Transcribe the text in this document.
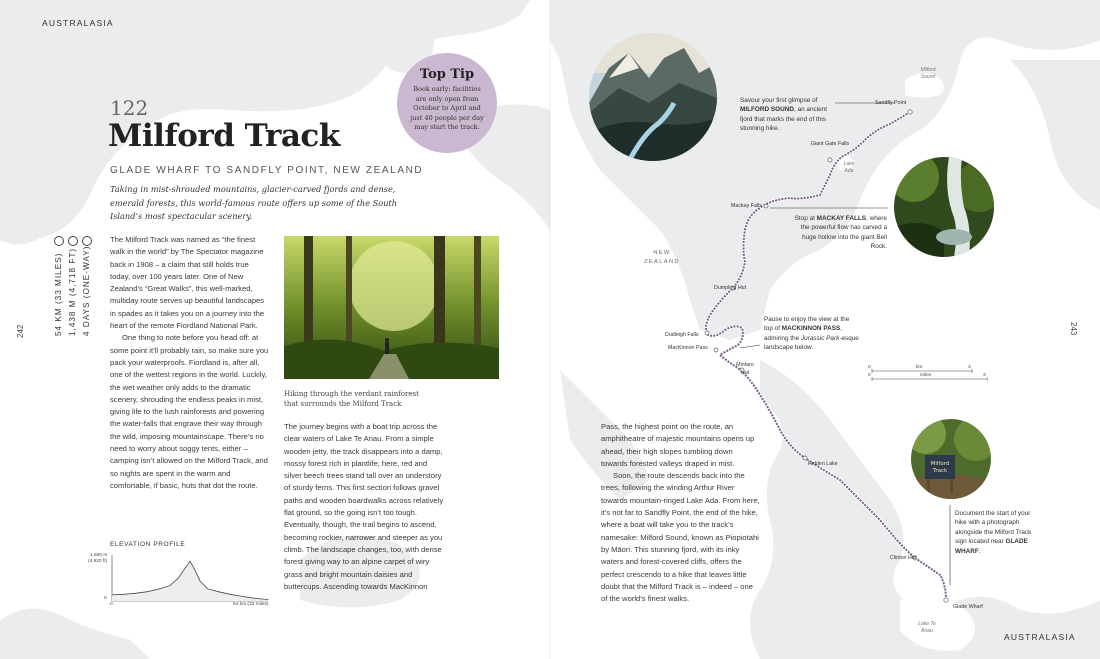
AUSTRALASIA
242
122
Milford Track
GLADE WHARF TO SANDFLY POINT, NEW ZEALAND
Taking in mist-shrouded mountains, glacier-carved fjords and dense, emerald forests, this world-famous route offers up some of the South Island’s most spectacular scenery.
Top Tip
Book early: facilities are only open from October to April and just 40 people per day may start the track.
54 KM (33 MILES) 1,438 M (4,718 FT) 4 DAYS (ONE-WAY)

The Milford Track was named as “the finest walk in the world” by The Spectator magazine back in 1908 – a claim that still holds true today, over 100 years later. One of New Zealand’s “Great Walks”, this well-marked, multiday route serves up beautiful landscapes in spades as it takes you on a journey into the heart of the remote Fiordland National Park.

One thing to note before you head off: at some point it’ll probably rain, so make sure you pack your waterproofs. Fiordland is, after all, one of the wettest regions in the world. Luckily, the wet weather only adds to the dramatic scenery, shrouding the endless peaks in mist, giving life to the lush rainforests and powering the water-falls that engrave their way through the wild, imposing mountainscape. There’s no need to worry about soggy tents, either – camping isn’t allowed on the Milford Track, and so nights are spent in the warm and comfortable, if basic, huts that dot the route.

Hiking through the verdant rainforest that surrounds the Milford Track

The journey begins with a boat trip across the clear waters of Lake Te Anau. From a simple wooden jetty, the track disappears into a damp, mossy forest rich in plantlife; here, red and silver beech trees stand tall over an understory of sturdy ferns. This first section follows gravel paths and wooden boardwalks across relatively flat ground, so the going isn’t too tough. Eventually, though, the trail begins to ascend, becoming rockier, narrower and steeper as you climb. The landscape changes, too, with dense forest giving way to an alpine carpet of wiry grass and bright mountain daisies and buttercups. Ascending towards MacKinnon

ELEVATION PROFILE
1,500 m
(4,920 ft)
0
0	54 km (33 miles)
AUSTRALASIA
243

Pass, the highest point on the route, an amphitheatre of majestic mountains opens up ahead, their high slopes tumbling down towards forested valleys draped in mist.

Soon, the route descends back into the trees, following the winding Arthur River towards mountain-ringed Lake Ada. From here, it’s not far to Sandfly Point, the end of the hike, where a boat will take you to the track’s namesake: Milford Sound, known as Piopiotahi by Māori. This stunning fjord, with its inky waters and forest-covered cliffs, offers the perfect crescendo to a hike that leaves little doubt that the Milford Track is – indeed – one of the world’s finest walks.

Savour your first glimpse of MILFORD SOUND, an ancient fjord that marks the end of this stunning hike.
Stop at MACKAY FALLS, where the powerful flow has carved a huge hollow into the giant Bell Rock.
Pause to enjoy the view at the top of MACKINNON PASS, admiring the Jurassic Park-esque landscape below.
Milford
Track
Document the start of your hike with a photograph alongside the Milford Track sign located near GLADE WHARF.
Sandfly Point
Giant Gate Falls
Mackay Falls
Dumpling Hut
Dudleigh Falls
MacKinnon Pass
Mintaro Hut
Hidden Lake
Clinton Hut
Glade Wharf
Milford Sound
Lake Ada
Lake Te Anau
NEW ZEALAND
0	km	3
0	miles	3
